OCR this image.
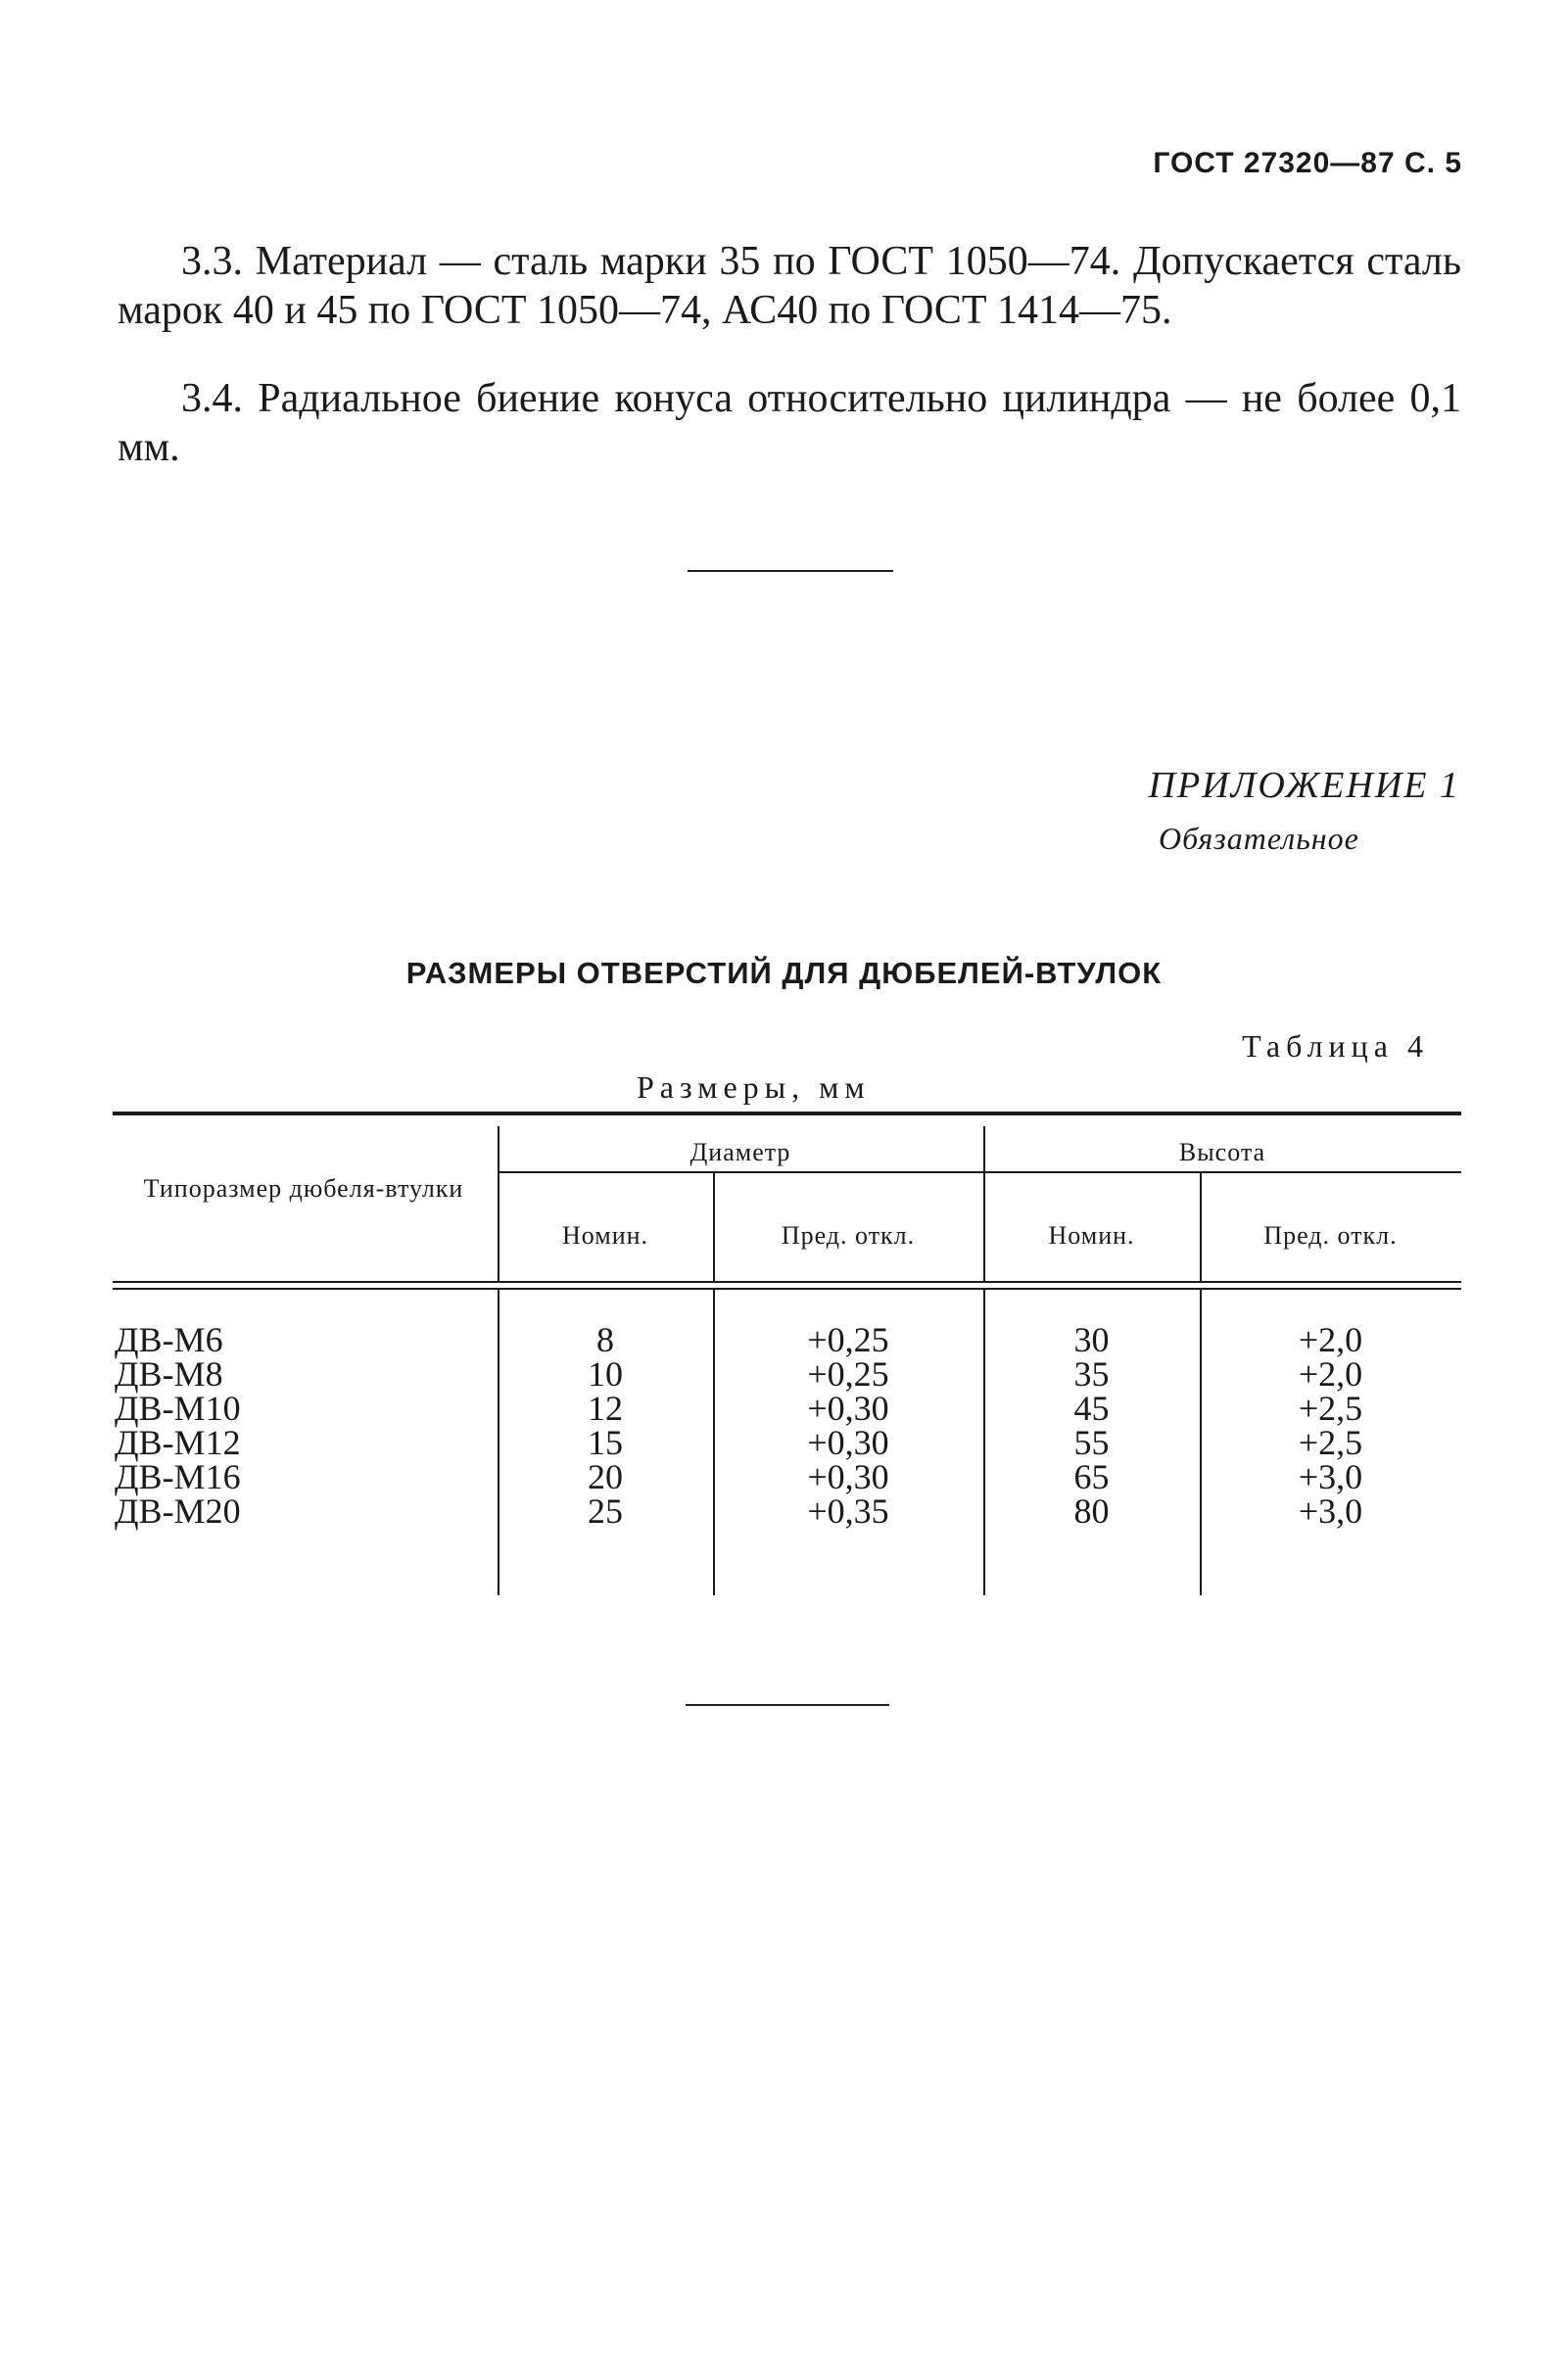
ГОСТ 27320—87 С. 5

3.3. Материал — сталь марки 35 по ГОСТ 1050—74. Допускается сталь марок 40 и 45 по ГОСТ 1050—74, АС40 по ГОСТ 1414—75.

3.4. Радиальное биение конуса относительно цилиндра — не более 0,1 мм.

ПРИЛОЖЕНИЕ 1
Обязательное
РАЗМЕРЫ ОТВЕРСТИЙ ДЛЯ ДЮБЕЛЕЙ-ВТУЛОК
Таблица 4
Размеры, мм
Типоразмер дюбеля-втулки
Диаметр	Высота
Номин.	Пред. откл.	Номин.	Пред. откл.
ДВ-М6	8	+0,25	30	+2,0
ДВ-М8	10	+0,25	35	+2,0
ДВ-М10	12	+0,30	45	+2,5
ДВ-М12	15	+0,30	55	+2,5
ДВ-М16	20	+0,30	65	+3,0
ДВ-М20	25	+0,35	80	+3,0
